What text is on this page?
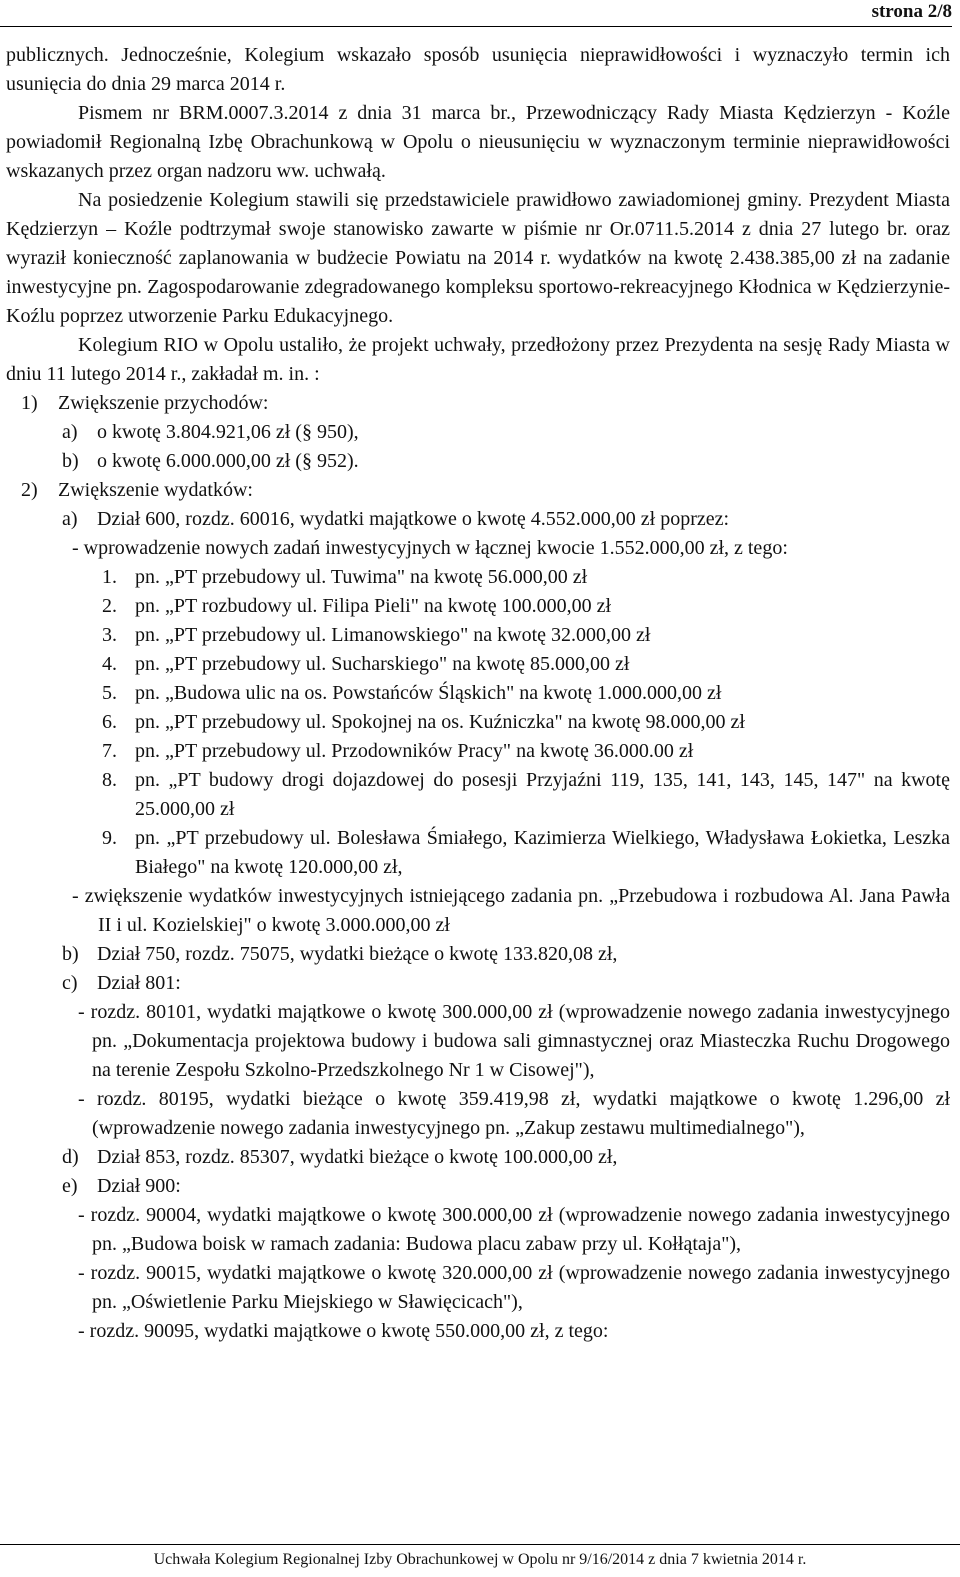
strona 2/8

publicznych. Jednocześnie, Kolegium wskazało sposób usunięcia nieprawidłowości i wyznaczyło termin ich usunięcia do dnia 29 marca 2014 r.

Pismem nr BRM.0007.3.2014 z dnia 31 marca br., Przewodniczący Rady Miasta Kędzierzyn - Koźle powiadomił Regionalną Izbę Obrachunkową w Opolu o nieusunięciu w wyznaczonym terminie nieprawidłowości wskazanych przez organ nadzoru ww. uchwałą.

Na posiedzenie Kolegium stawili się przedstawiciele prawidłowo zawiadomionej gminy. Prezydent Miasta Kędzierzyn – Koźle podtrzymał swoje stanowisko zawarte w piśmie nr Or.0711.5.2014 z dnia 27 lutego br. oraz wyraził konieczność zaplanowania w budżecie Powiatu na 2014 r. wydatków na kwotę 2.438.385,00 zł na zadanie inwestycyjne pn. Zagospodarowanie zdegradowanego kompleksu sportowo-rekreacyjnego Kłodnica w Kędzierzynie-Koźlu poprzez utworzenie Parku Edukacyjnego.

Kolegium RIO w Opolu ustaliło, że projekt uchwały, przedłożony przez Prezydenta na sesję Rady Miasta w dniu 11 lutego 2014 r., zakładał m. in. :

1) Zwiększenie przychodów:
a) o kwotę 3.804.921,06 zł (§ 950),
b) o kwotę 6.000.000,00 zł (§ 952).
2) Zwiększenie wydatków:
a) Dział 600, rozdz. 60016, wydatki majątkowe o kwotę 4.552.000,00 zł poprzez:
- wprowadzenie nowych zadań inwestycyjnych w łącznej kwocie 1.552.000,00 zł, z tego:
1. pn. „PT przebudowy ul. Tuwima" na kwotę 56.000,00 zł
2. pn. „PT rozbudowy ul. Filipa Pieli" na kwotę 100.000,00 zł
3. pn. „PT przebudowy ul. Limanowskiego" na kwotę 32.000,00 zł
4. pn. „PT przebudowy ul. Sucharskiego" na kwotę 85.000,00 zł
5. pn. „Budowa ulic na os. Powstańców Śląskich" na kwotę 1.000.000,00 zł
6. pn. „PT przebudowy ul. Spokojnej na os. Kuźniczka" na kwotę 98.000,00 zł
7. pn. „PT przebudowy ul. Przodowników Pracy" na kwotę 36.000.00 zł
8. pn. „PT budowy drogi dojazdowej do posesji Przyjaźni 119, 135, 141, 143, 145, 147" na kwotę 25.000,00 zł
9. pn. „PT przebudowy ul. Bolesława Śmiałego, Kazimierza Wielkiego, Władysława Łokietka, Leszka Białego" na kwotę 120.000,00 zł,
- zwiększenie wydatków inwestycyjnych istniejącego zadania pn. „Przebudowa i rozbudowa Al. Jana Pawła II i ul. Kozielskiej" o kwotę 3.000.000,00 zł
b) Dział 750, rozdz. 75075, wydatki bieżące o kwotę 133.820,08 zł,
c) Dział 801:
- rozdz. 80101, wydatki majątkowe o kwotę 300.000,00 zł (wprowadzenie nowego zadania inwestycyjnego pn. „Dokumentacja projektowa budowy i budowa sali gimnastycznej oraz Miasteczka Ruchu Drogowego na terenie Zespołu Szkolno-Przedszkolnego Nr 1 w Cisowej"),
- rozdz. 80195, wydatki bieżące o kwotę 359.419,98 zł, wydatki majątkowe o kwotę 1.296,00 zł (wprowadzenie nowego zadania inwestycyjnego pn. „Zakup zestawu multimedialnego"),
d) Dział 853, rozdz. 85307, wydatki bieżące o kwotę 100.000,00 zł,
e) Dział 900:
- rozdz. 90004, wydatki majątkowe o kwotę 300.000,00 zł (wprowadzenie nowego zadania inwestycyjnego pn. „Budowa boisk w ramach zadania: Budowa placu zabaw przy ul. Kołłątaja"),
- rozdz. 90015, wydatki majątkowe o kwotę 320.000,00 zł (wprowadzenie nowego zadania inwestycyjnego pn. „Oświetlenie Parku Miejskiego w Sławięcicach"),
- rozdz. 90095, wydatki majątkowe o kwotę 550.000,00 zł, z tego:
Uchwała Kolegium Regionalnej Izby Obrachunkowej w Opolu nr 9/16/2014 z dnia 7 kwietnia 2014 r.
